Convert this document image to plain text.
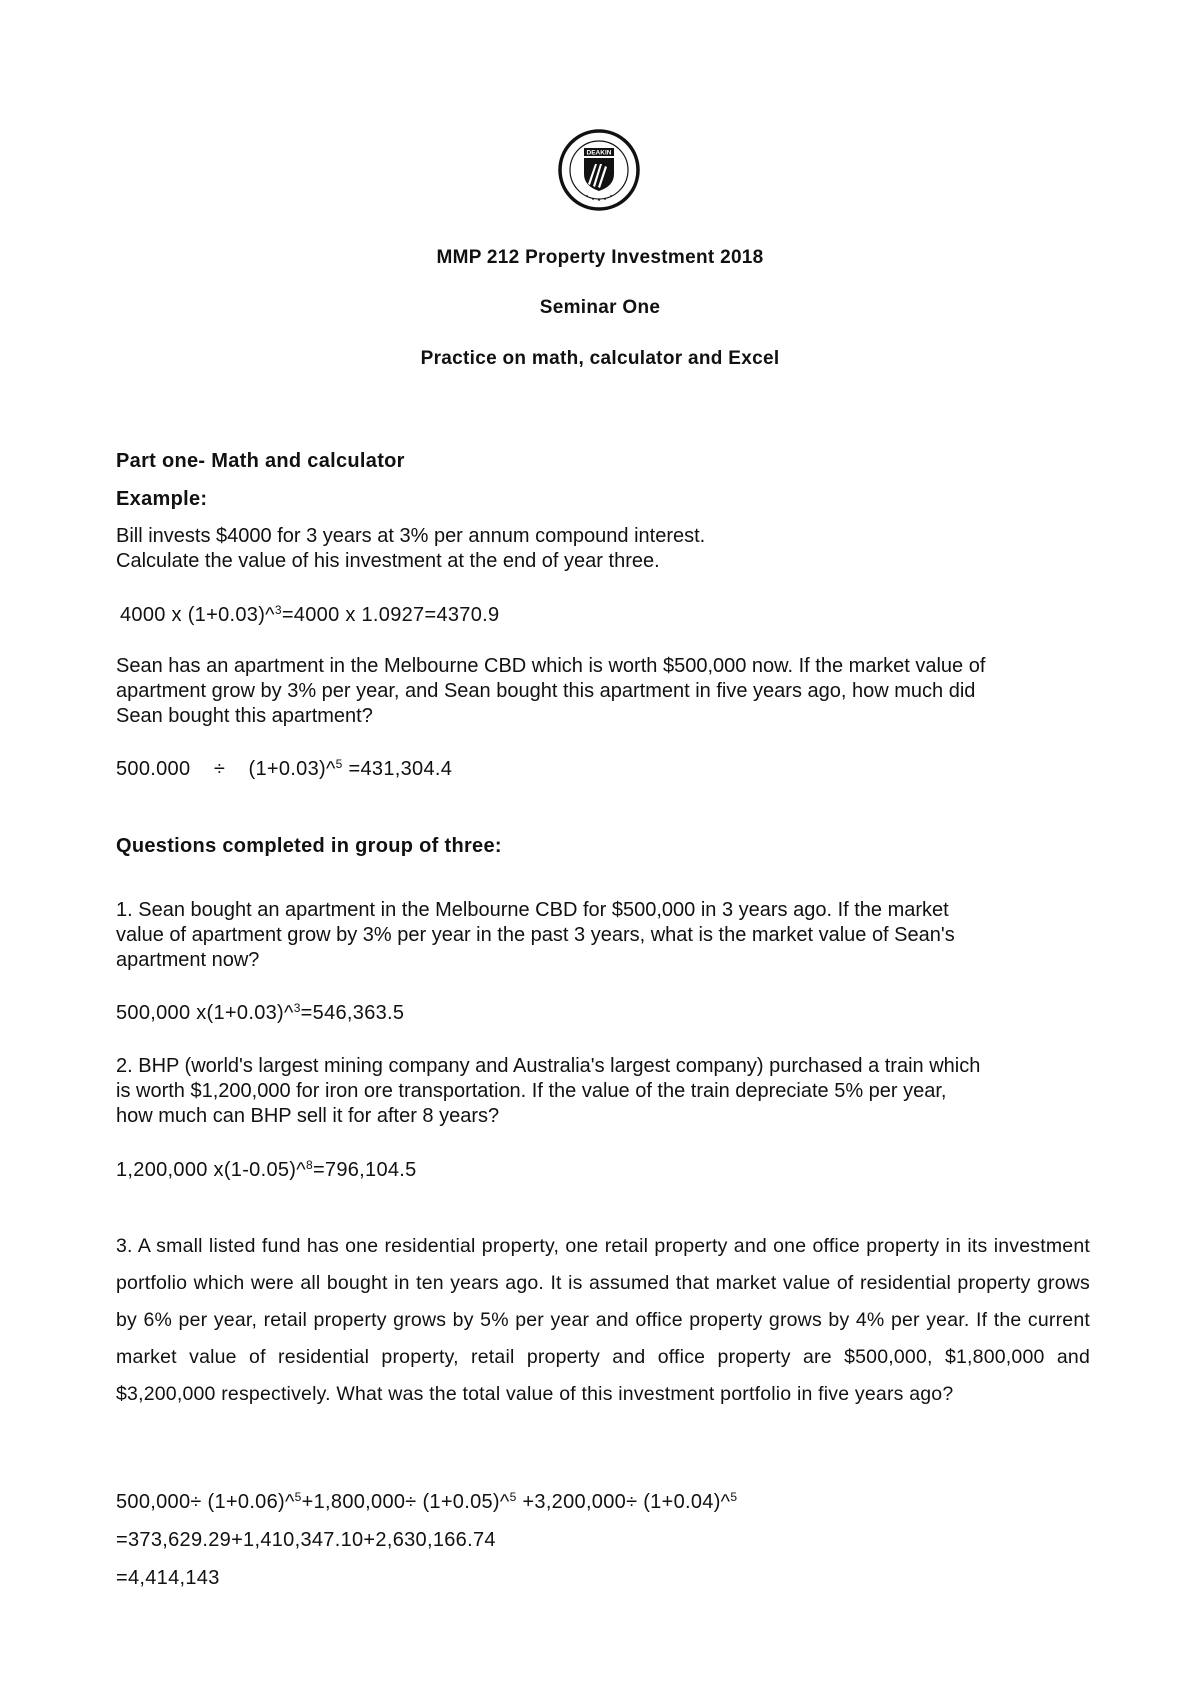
DEAKIN
MMP 212 Property Investment 2018
Seminar One
Practice on math, calculator and Excel
Part one- Math and calculator
Example:
Bill invests $4000 for 3 years at 3% per annum compound interest.
Calculate the value of his investment at the end of year three.
4000 x (1+0.03)^$^3$=4000 x 1.0927=4370.9
Sean has an apartment in the Melbourne CBD which is worth $500,000 now. If the market value of
apartment grow by 3% per year, and Sean bought this apartment in five years ago, how much did
Sean bought this apartment?
500.000    ÷    (1+0.03)^$^5$ =431,304.4
Questions completed in group of three:
1. Sean bought an apartment in the Melbourne CBD for $500,000 in 3 years ago. If the market
value of apartment grow by 3% per year in the past 3 years, what is the market value of Sean's
apartment now?
500,000 x(1+0.03)^$^3$=546,363.5
2. BHP (world's largest mining company and Australia's largest company) purchased a train which
is worth $1,200,000 for iron ore transportation. If the value of the train depreciate 5% per year,
how much can BHP sell it for after 8 years?
1,200,000 x(1-0.05)^$^8$=796,104.5
3. A small listed fund has one residential property, one retail property and one office property in its investment portfolio which were all bought in ten years ago. It is assumed that market value of residential property grows by 6% per year, retail property grows by 5% per year and office property grows by 4% per year. If the current market value of residential property, retail property and office property are $500,000, $1,800,000 and $3,200,000 respectively. What was the total value of this investment portfolio in five years ago?
500,000÷ (1+0.06)^$^5$+1,800,000÷ (1+0.05)^$^5$ +3,200,000÷ (1+0.04)^$^5$
=373,629.29+1,410,347.10+2,630,166.74
=4,414,143
